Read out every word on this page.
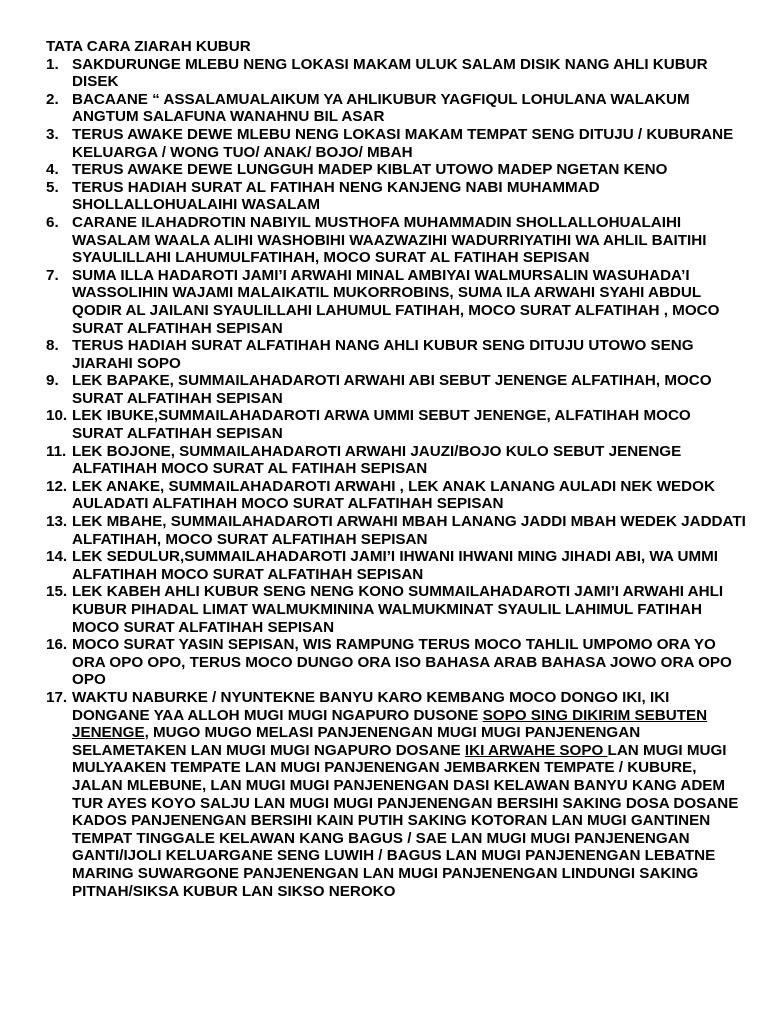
TATA CARA ZIARAH KUBUR
1. SAKDURUNGE MLEBU NENG LOKASI MAKAM ULUK SALAM DISIK NANG AHLI KUBUR DISEK
2. BACAANE “ ASSALAMUALAIKUM YA AHLIKUBUR YAGFIQUL LOHULANA WALAKUM ANGTUM SALAFUNA WANAHNU BIL ASAR
3. TERUS AWAKE DEWE MLEBU NENG LOKASI MAKAM TEMPAT SENG DITUJU / KUBURANE KELUARGA / WONG TUO/ ANAK/ BOJO/ MBAH
4. TERUS AWAKE DEWE LUNGGUH MADEP KIBLAT UTOWO MADEP NGETAN KENO
5. TERUS HADIAH SURAT AL FATIHAH NENG KANJENG NABI MUHAMMAD SHOLLALLOHUALAIHI WASALAM
6. CARANE ILAHADROTIN NABIYIL MUSTHOFA MUHAMMADIN SHOLLALLOHUALAIHI WASALAM WAALA ALIHI WASHOBIHI WAAZWAZIHI WADURRIYATIHI WA AHLIL BAITIHI SYAULILLAHI LAHUMULFATIHAH, MOCO SURAT AL FATIHAH SEPISAN
7. SUMA ILLA HADAROTI JAMI’I ARWAHI MINAL AMBIYAI WALMURSALIN WASUHADA’I WASSOLIHIN WAJAMI MALAIKATIL MUKORROBINS, SUMA ILA ARWAHI SYAHI ABDUL QODIR AL JAILANI SYAULILLAHI LAHUMUL FATIHAH, MOCO SURAT ALFATIHAH , MOCO SURAT ALFATIHAH SEPISAN
8. TERUS HADIAH SURAT ALFATIHAH NANG AHLI KUBUR SENG DITUJU UTOWO SENG JIARAHI SOPO
9. LEK BAPAKE, SUMMAILAHADAROTI ARWAHI ABI SEBUT JENENGE ALFATIHAH, MOCO SURAT ALFATIHAH SEPISAN
10. LEK IBUKE,SUMMAILAHADAROTI ARWA UMMI SEBUT JENENGE, ALFATIHAH MOCO SURAT ALFATIHAH SEPISAN
11. LEK BOJONE, SUMMAILAHADAROTI ARWAHI JAUZI/BOJO KULO SEBUT JENENGE ALFATIHAH MOCO SURAT AL FATIHAH SEPISAN
12. LEK ANAKE, SUMMAILAHADAROTI ARWAHI , LEK ANAK LANANG AULADI NEK WEDOK AULADATI ALFATIHAH MOCO SURAT ALFATIHAH SEPISAN
13. LEK MBAHE, SUMMAILAHADAROTI ARWAHI MBAH LANANG JADDI MBAH WEDEK JADDATI ALFATIHAH, MOCO SURAT ALFATIHAH SEPISAN
14. LEK SEDULUR,SUMMAILAHADAROTI JAMI’I IHWANI IHWANI MING JIHADI ABI, WA UMMI ALFATIHAH MOCO SURAT ALFATIHAH SEPISAN
15. LEK KABEH AHLI KUBUR SENG NENG KONO SUMMAILAHADAROTI JAMI’I ARWAHI AHLI KUBUR PIHADAL LIMAT WALMUKMININA WALMUKMINAT SYAULIL LAHIMUL FATIHAH MOCO SURAT ALFATIHAH SEPISAN
16. MOCO SURAT YASIN SEPISAN, WIS RAMPUNG TERUS MOCO TAHLIL UMPOMO ORA YO ORA OPO OPO, TERUS MOCO DUNGO ORA ISO BAHASA ARAB BAHASA JOWO ORA OPO OPO
17. WAKTU NABURKE / NYUNTEKNE BANYU KARO KEMBANG MOCO DONGO IKI, IKI DONGANE YAA ALLOH MUGI MUGI NGAPURO DUSONE SOPO SING DIKIRIM SEBUTEN JENENGE, MUGO MUGO MELASI PANJENENGAN MUGI MUGI PANJENENGAN SELAMETAKEN LAN MUGI MUGI NGAPURO DOSANE IKI ARWAHE SOPO LAN MUGI MUGI MULYAAKEN TEMPATE LAN MUGI PANJENENGAN JEMBARKEN TEMPATE / KUBURE, JALAN MLEBUNE, LAN MUGI MUGI PANJENENGAN DASI KELAWAN BANYU KANG ADEM TUR AYES KOYO SALJU LAN MUGI MUGI PANJENENGAN BERSIHI SAKING DOSA DOSANE KADOS PANJENENGAN BERSIHI KAIN PUTIH SAKING KOTORAN LAN MUGI GANTINEN TEMPAT TINGGALE KELAWAN KANG BAGUS / SAE LAN MUGI MUGI PANJENENGAN GANTI/IJOLI KELUARGANE SENG LUWIH / BAGUS LAN MUGI PANJENENGAN LEBATNE MARING SUWARGONE PANJENENGAN LAN MUGI PANJENENGAN LINDUNGI SAKING PITNAH/SIKSA KUBUR LAN SIKSO NEROKO
